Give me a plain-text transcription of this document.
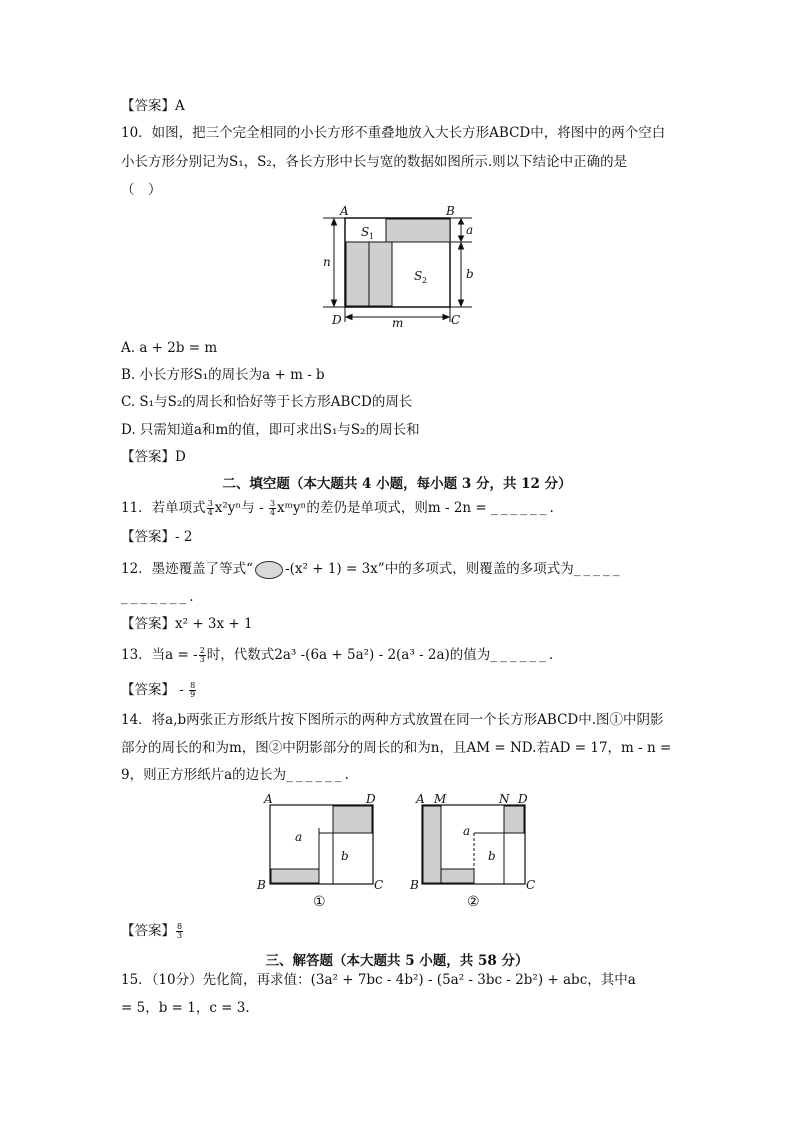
【答案】A
10．如图，把三个完全相同的小长方形不重叠地放入大长方形ABCD中，将图中的两个空白
小长方形分别记为S₁，S₂，各长方形中长与宽的数据如图所示.则以下结论中正确的是
（　）
A	B
D	C
S 1
S 2
a
b
n
m
A. a + 2b = m
B. 小长方形S₁的周长为a + m - b
C. S₁与S₂的周长和恰好等于长方形ABCD的周长
D. 只需知道a和m的值，即可求出S₁与S₂的周长和
【答案】D
二、填空题（本大题共 4 小题，每小题 3 分，共 12 分）
11．若单项式 $\frac{3}{4} x^2y^n$与 - $\frac{3}{4}$ xᵐyⁿ的差仍是单项式，则m - 2n = ______.
【答案】- 2
12．墨迹覆盖了等式“ -(x² + 1) = 3x”中的多项式，则覆盖的多项式为_____
_______.
【答案】x² + 3x + 1
13．当a = - $\frac{2}{3}$ 时，代数式2a³ -(6a + 5a²) - 2(a³ - 2a)的值为______.
【答案】 - $\frac{8}{9}$
14．将a,b两张正方形纸片按下图所示的两种方式放置在同一个长方形ABCD中.图①中阴影
部分的周长的和为m，图②中阴影部分的周长的和为n，且AM = ND.若AD = 17，m - n =
9，则正方形纸片a的边长为______.
A	D
B	C
a
b
①
A M	N D
B	C
a
b
②
【答案】 $\frac{8}{3}$
三、解答题（本大题共 5 小题，共 58 分）
15．（10分）先化简，再求值：(3a² + 7bc - 4b²) - (5a² - 3bc - 2b²) + abc，其中a
= 5，b = 1，c = 3.
